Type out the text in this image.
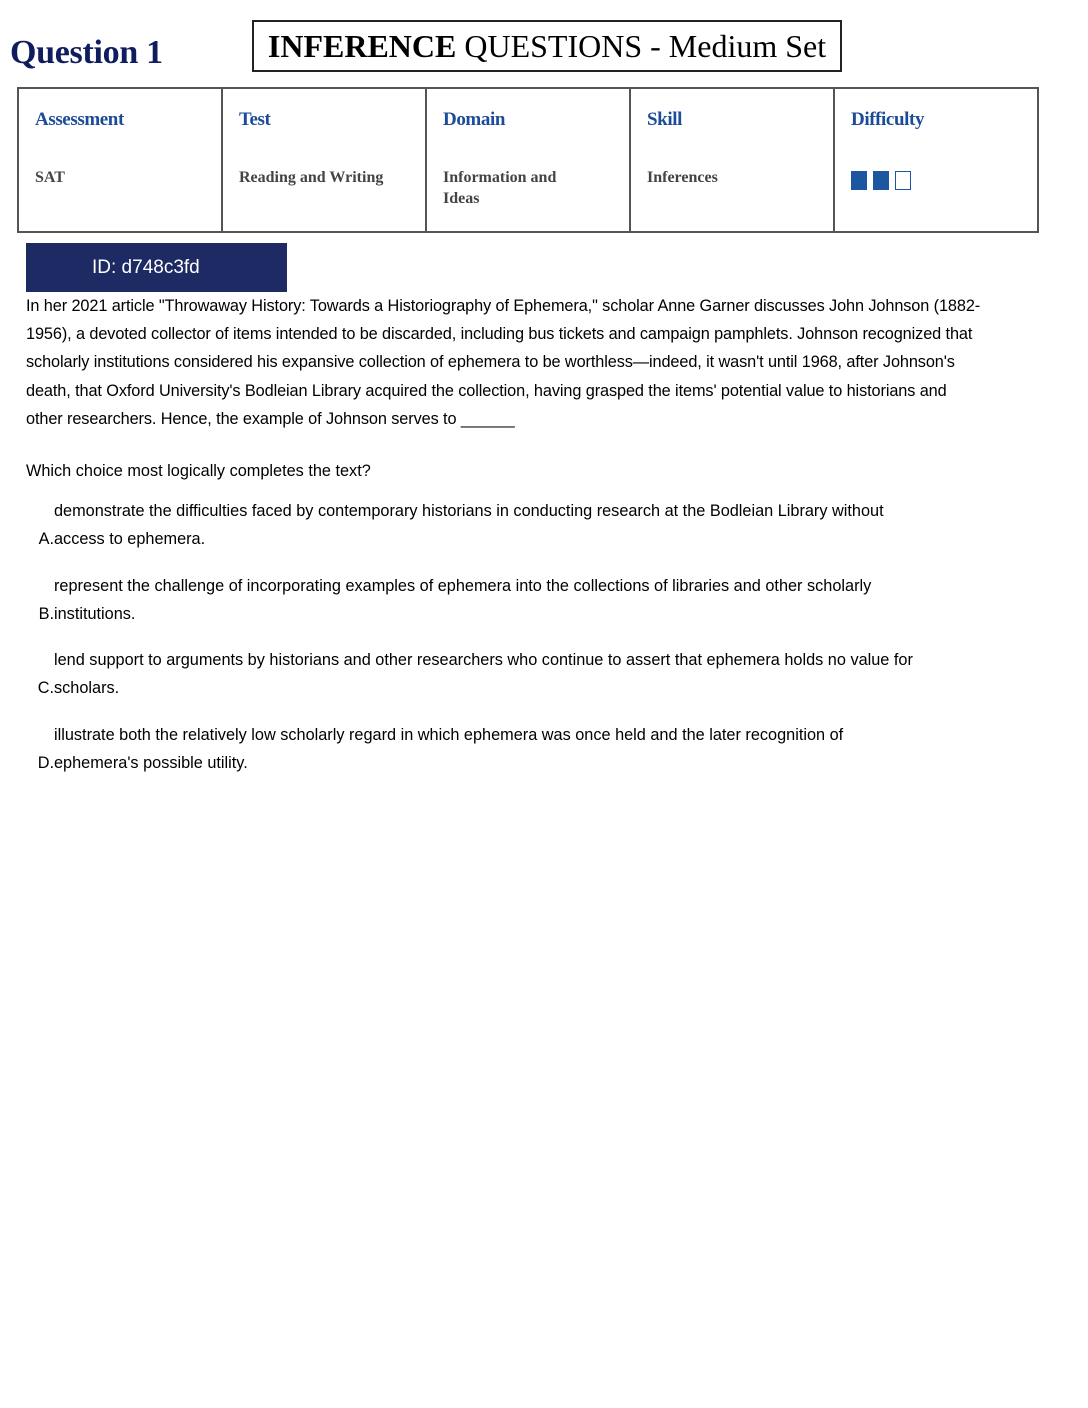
Question 1	INFERENCE QUESTIONS - Medium Set
Assessment
SAT
Test
Reading and Writing
Domain
Information and Ideas
Skill
Inferences
Difficulty
ID: d748c3fd

In her 2021 article "Throwaway History: Towards a Historiography of Ephemera," scholar Anne Garner discusses John Johnson (1882-1956), a devoted collector of items intended to be discarded, including bus tickets and campaign pamphlets. Johnson recognized that scholarly institutions considered his expansive collection of ephemera to be worthless—indeed, it wasn't until 1968, after Johnson's death, that Oxford University's Bodleian Library acquired the collection, having grasped the items' potential value to historians and other researchers. Hence, the example of Johnson serves to ______

Which choice most logically completes the text?

demonstrate the difficulties faced by contemporary historians in conducting research at the Bodleian Library without
A. access to ephemera.
represent the challenge of incorporating examples of ephemera into the collections of libraries and other scholarly
B. institutions.
lend support to arguments by historians and other researchers who continue to assert that ephemera holds no value for
C. scholars.
illustrate both the relatively low scholarly regard in which ephemera was once held and the later recognition of
D. ephemera's possible utility.
